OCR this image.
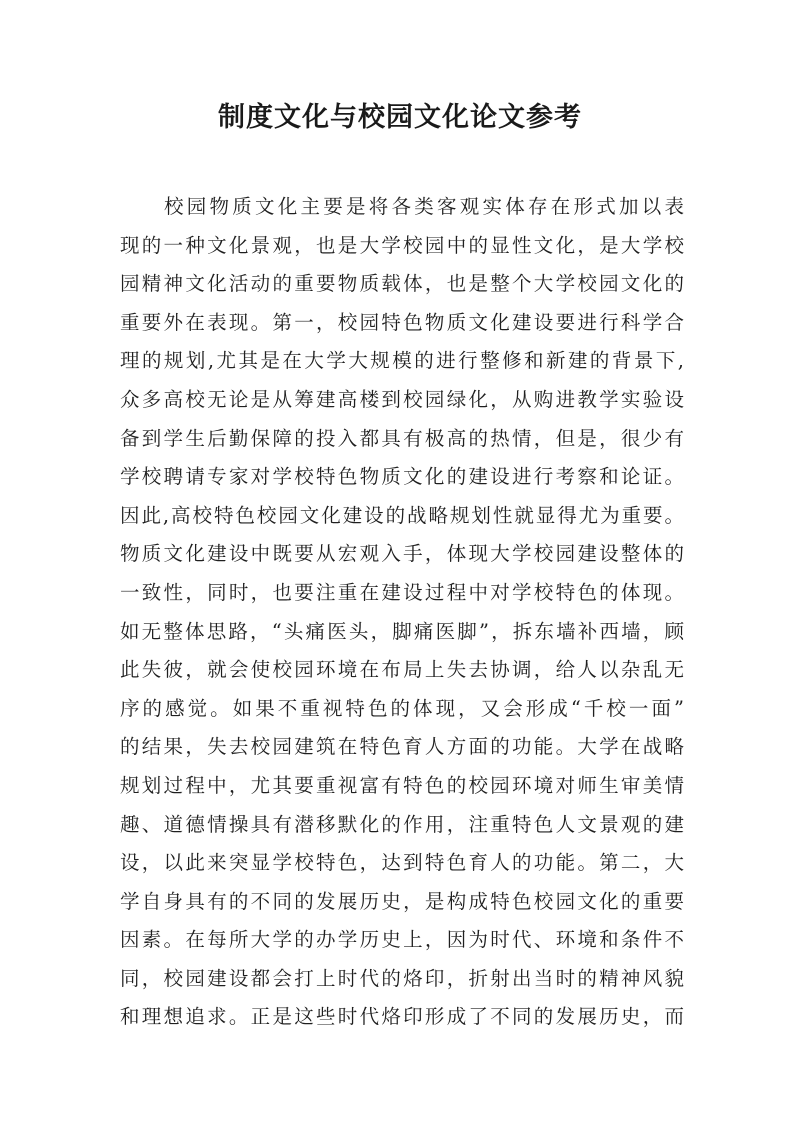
制度文化与校园文化论文参考
校园物质文化主要是将各类客观实体存在形式加以表
现的一种文化景观，也是大学校园中的显性文化，是大学校
园精神文化活动的重要物质载体，也是整个大学校园文化的
重要外在表现。第一，校园特色物质文化建设要进行科学合
理的规划,尤其是在大学大规模的进行整修和新建的背景下,
众多高校无论是从筹建高楼到校园绿化，从购进教学实验设
备到学生后勤保障的投入都具有极高的热情，但是，很少有
学校聘请专家对学校特色物质文化的建设进行考察和论证。
因此,高校特色校园文化建设的战略规划性就显得尤为重要。
物质文化建设中既要从宏观入手，体现大学校园建设整体的
一致性，同时，也要注重在建设过程中对学校特色的体现。
如无整体思路，“头痛医头，脚痛医脚”，拆东墙补西墙，顾
此失彼，就会使校园环境在布局上失去协调，给人以杂乱无
序的感觉。如果不重视特色的体现，又会形成“千校一面”
的结果，失去校园建筑在特色育人方面的功能。大学在战略
规划过程中，尤其要重视富有特色的校园环境对师生审美情
趣、道德情操具有潜移默化的作用，注重特色人文景观的建
设，以此来突显学校特色，达到特色育人的功能。第二，大
学自身具有的不同的发展历史，是构成特色校园文化的重要
因素。在每所大学的办学历史上，因为时代、环境和条件不
同，校园建设都会打上时代的烙印，折射出当时的精神风貌
和理想追求。正是这些时代烙印形成了不同的发展历史，而
